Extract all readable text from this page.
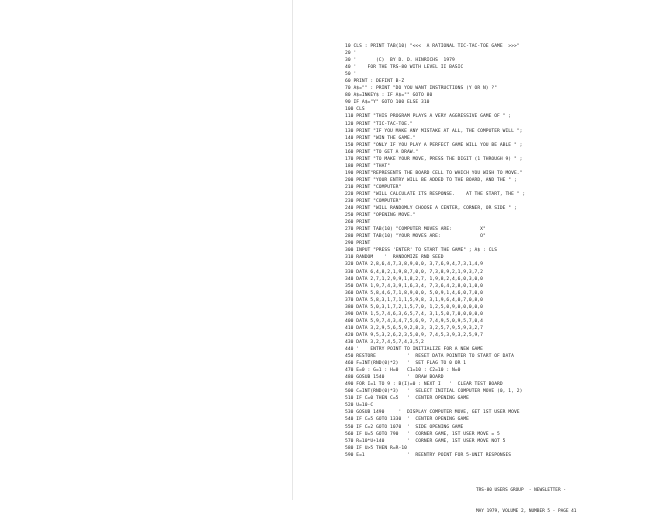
10 CLS : PRINT TAB(10) "<<<  A RATIONAL TIC-TAC-TOE GAME  >>>"
20 '
30 '       (C)  BY D. D. HINRICHS  1979
40 '    FOR THE TRS-80 WITH LEVEL II BASIC
50 '
60 PRINT : DEFINT B-Z
70 A$="" : PRINT "DO YOU WANT INSTRUCTIONS (Y OR N) ?"
80 A$=INKEY$ : IF A$="" GOTO 80
90 IF A$="Y" GOTO 100 ELSE 310
100 CLS
110 PRINT "THIS PROGRAM PLAYS A VERY AGGRESSIVE GAME OF " ;
120 PRINT "TIC-TAC-TOE."
130 PRINT "IF YOU MAKE ANY MISTAKE AT ALL, THE COMPUTER WILL ";
140 PRINT "WIN THE GAME."
150 PRINT "ONLY IF YOU PLAY A PERFECT GAME WILL YOU BE ABLE " ;
160 PRINT "TO GET A DRAW."
170 PRINT "TO MAKE YOUR MOVE, PRESS THE DIGIT (1 THROUGH 9) " ;
180 PRINT "THAT"
190 PRINT"REPRESENTS THE BOARD CELL TO WHICH YOU WISH TO MOVE."
200 PRINT "YOUR ENTRY WILL BE ADDED TO THE BOARD, AND THE " ;
210 PRINT "COMPUTER"
220 PRINT "WILL CALCULATE ITS RESPONSE.    AT THE START, THE " ;
230 PRINT "COMPUTER"
240 PRINT "WILL RANDOMLY CHOOSE A CENTER, CORNER, OR SIDE " ;
250 PRINT "OPENING MOVE."
260 PRINT
270 PRINT TAB(10) "COMPUTER MOVES ARE:          X"
280 PRINT TAB(10) "YOUR MOVES ARE:              O"
290 PRINT
300 INPUT "PRESS 'ENTER' TO START THE GAME" ; A$ : CLS
310 RANDOM    '  RANDOMIZE RND SEED
320 DATA 2,8,6,4,7,3,8,9,0,0, 3,7,6,9,4,7,3,1,4,9
330 DATA 6,4,8,2,1,9,8,7,0,0, 7,3,8,9,2,1,9,3,7,2
340 DATA 2,7,1,2,9,9,1,8,2,7, 1,9,8,2,4,6,0,3,0,0
350 DATA 1,9,7,4,3,9,1,6,3,4, 7,3,6,4,2,8,0,1,0,0
360 DATA 5,8,4,6,7,1,8,9,0,0, 5,0,9,1,4,6,0,7,0,0
370 DATA 5,8,3,1,7,1,1,5,9,8, 3,1,9,6,4,0,7,0,8,0
380 DATA 5,0,3,1,7,2,1,5,7,0, 1,2,5,0,9,0,0,0,0,0
390 DATA 1,5,7,4,6,3,6,5,7,4, 3,1,5,0,7,0,0,0,0,0
400 DATA 5,9,7,4,3,4,7,5,6,9, 7,4,9,5,0,9,5,7,0,4
410 DATA 3,2,9,5,6,5,9,2,8,3, 3,2,5,7,9,5,9,3,2,7
420 DATA 9,5,3,2,6,2,3,5,0,9, 7,4,5,3,9,3,2,5,9,7
430 DATA 3,2,7,4,5,7,4,3,5,2
440 '    ENTRY POINT TO INITIALIZE FOR A NEW GAME
450 RESTORE           '  RESET DATA POINTER TO START OF DATA
460 F=INT(RND(0)*2)   '  SET FLAG TO 0 OR 1
470 E=0 : G=1 : H=0   C1=10 : C2=10 : N=0
480 GOSUB 1540        '  DRAW BOARD
490 FOR I=1 TO 9 : B(I)=0 : NEXT I   '  CLEAR TEST BOARD
500 C=INT(RND(0)*3)   '  SELECT INITIAL COMPUTER MOVE (0, 1, 2)
510 IF C=0 THEN C=5   '  CENTER OPENING GAME
520 U=10-C
530 GOSUB 1490     '  DISPLAY COMPUTER MOVE, GET 1ST USER MOVE
540 IF C=5 GOTO 1330  '  CENTER OPENING GAME
550 IF C=2 GOTO 1070  '  SIDE OPENING GAME
560 IF U=5 GOTO 790   '  CORNER GAME, 1ST USER MOVE = 5
570 R=10*U+140        '  CORNER GAME, 1ST USER MOVE NOT 5
580 IF U>5 THEN R=R-10
590 E=1               '  REENTRY POINT FOR 5-UNIT RESPONSES

TRS-80 USERS GROUP  - NEWSLETTER -

MAY 1979, VOLUME 2, NUMBER 5 - PAGE 41
